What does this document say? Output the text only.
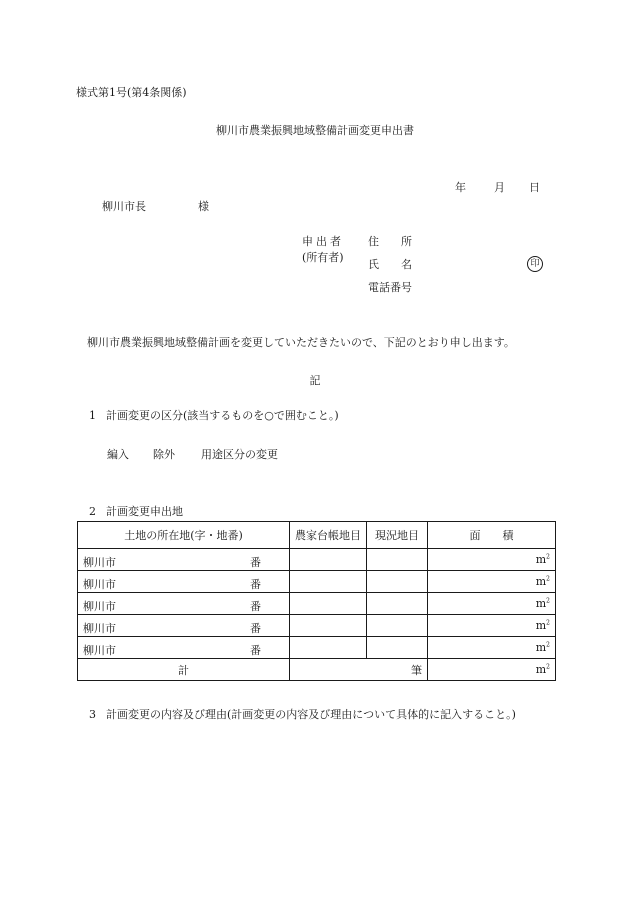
様式第1号(第4条関係)
柳川市農業振興地域整備計画変更申出書
年	月 日
柳川市長	様
申出者
(所有者)
住 所
氏 名	印
電話番号
柳川市農業振興地域整備計画を変更していただきたいので、下記のとおり申し出ます。
記
1 計画変更の区分(該当するものを○で囲むこと。)
編入 除外 用途区分の変更
2 計画変更申出地
土地の所在地(字・地番)	農家台帳地目	現況地目	面　　積

柳川市 番			$m^2$

柳川市 番			$m^2$

柳川市 番			$m^2$

柳川市 番			$m^2$

柳川市 番			$m^2$
計	筆		$m^2$
3 計画変更の内容及び理由(計画変更の内容及び理由について具体的に記入すること。)
